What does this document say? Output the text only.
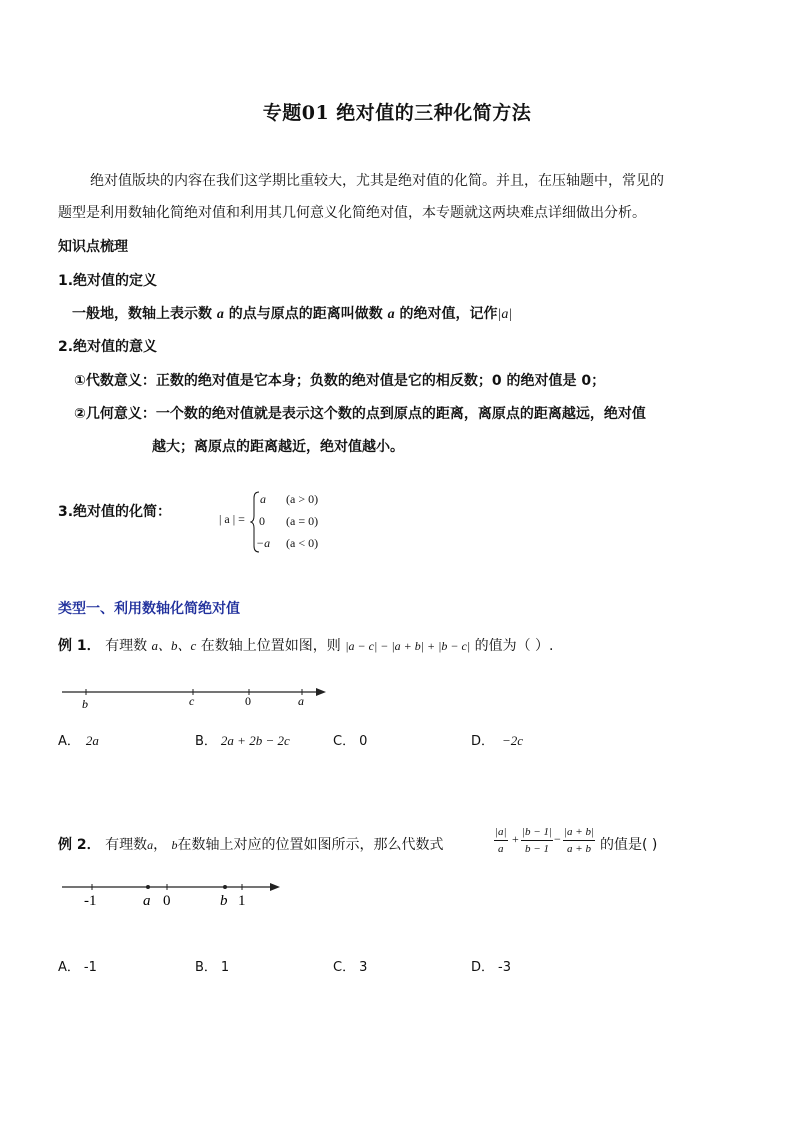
专题01 绝对值的三种化简方法
绝对值版块的内容在我们这学期比重较大，尤其是绝对值的化简。并且，在压轴题中，常见的
题型是利用数轴化简绝对值和利用其几何意义化简绝对值，本专题就这两块难点详细做出分析。
知识点梳理
1.绝对值的定义
一般地，数轴上表示数 a 的点与原点的距离叫做数 a 的绝对值，记作|a|
2.绝对值的意义
①代数意义：正数的绝对值是它本身；负数的绝对值是它的相反数；0 的绝对值是 0；
②几何意义：一个数的绝对值就是表示这个数的点到原点的距离，离原点的距离越远，绝对值
越大；离原点的距离越近，绝对值越小。
3.绝对值的化简：	| a | =
a (a > 0)
0 (a = 0)
−a (a < 0)
类型一、利用数轴化简绝对值
例 1． 有理数 a、b、c 在数轴上位置如图，则 |a − c| − |a + b| + |b − c| 的值为（ ）.
b	c	0	a
A． 2a	B． 2a + 2b − 2c	C． 0	D． −2c
例 2． 有理数a， b在数轴上对应的位置如图所示，那么代数式
|a|
a
+ |b − 1|
b − 1
− |a + b|
a + b 的值是( )
-1	a 0	b 1
A． -1	B． 1	C． 3	D． -3
